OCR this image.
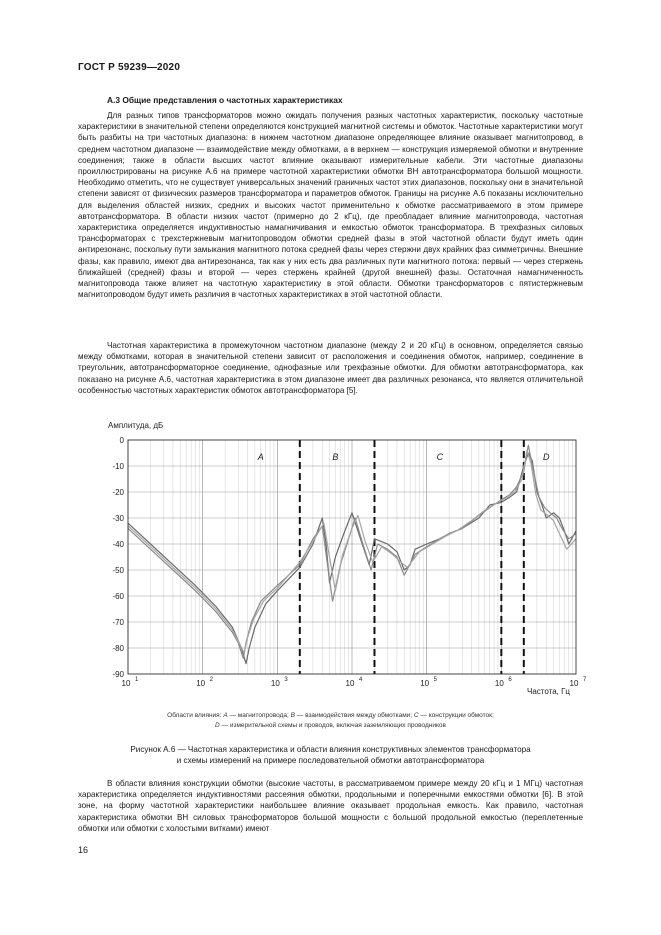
ГОСТ Р 59239—2020
А.3 Общие представления о частотных характеристиках

Для разных типов трансформаторов можно ожидать получения разных частотных характеристик, поскольку частотные характеристики в значительной степени определяются конструкцией магнитной системы и обмоток. Частотные характеристики могут быть разбиты на три частотных диапазона: в нижнем частотном диапазоне определяющее влияние оказывает магнитопровод, в среднем частотном диапазоне — взаимодействие между обмотками, а в верхнем — конструкция измеряемой обмотки и внутренние соединения; также в области высших частот влияние оказывают измерительные кабели. Эти частотные диапазоны проиллюстрированы на рисунке А.6 на примере частотной характеристики обмотки ВН автотрансформатора большой мощности. Необходимо отметить, что не существует универсальных значений граничных частот этих диапазонов, поскольку они в значительной степени зависят от физических размеров трансформатора и параметров обмоток. Границы на рисунке А.6 показаны исключительно для выделения областей низких, средних и высоких частот применительно к обмотке рассматриваемого в этом примере автотрансформатора. В области низких частот (примерно до 2 кГц), где преобладает влияние магнитопровода, частотная характеристика определяется индуктивностью намагничивания и емкостью обмоток трансформатора. В трехфазных силовых трансформаторах с трехстержневым магнитопроводом обмотки средней фазы в этой частотной области будут иметь один антирезонанс, поскольку пути замыкания магнитного потока средней фазы через стержни двух крайних фаз симметричны. Внешние фазы, как правило, имеют два антирезонанса, так как у них есть два различных пути магнитного потока: первый — через стержень ближайшей (средней) фазы и второй — через стержень крайней (другой внешней) фазы. Остаточная намагниченность магнитопровода также влияет на частотную характеристику в этой области. Обмотки трансформаторов с пятистержневым магнитопроводом будут иметь различия в частотных характеристиках в этой частотной области.

Частотная характеристика в промежуточном частотном диапазоне (между 2 и 20 кГц) в основном, определяется связью между обмотками, которая в значительной степени зависит от расположения и соединения обмоток, например, соединение в треугольник, автотрансформаторное соединение, однофазные или трехфазные обмотки. Для обмотки автотрансформатора, как показано на рисунке А.6, частотная характеристика в этом диапазоне имеет два различных резонанса, что является отличительной особенностью частотных характеристик обмоток автотрансформатора [5].

Амплитуда, дБ
Частота, Гц
A	B	C	D
0
-10
-20
-30
-40
-50
-60
-70
-80
-90
10 1	10 2	10 3	10 4	10 5	10 6	10 7
Области влияния: A — магнитопровода; B — взаимодействия между обмотками; C — конструкции обмоток;
D — измерительной схемы и проводов, включая заземляющих проводников
Рисунок А.6 — Частотная характеристика и области влияния конструктивных элементов трансформатора
и схемы измерений на примере последовательной обмотки автотрансформатора

В области влияния конструкции обмотки (высокие частоты, в рассматриваемом примере между 20 кГц и 1 МГц) частотная характеристика определяется индуктивностями рассеяния обмотки, продольными и поперечными емкостями обмотки [6]. В этой зоне, на форму частотной характеристики наибольшее влияние оказывает продольная емкость. Как правило, частотная характеристика обмотки ВН силовых трансформаторов большой мощности с большой продольной емкостью (переплетенные обмотки или обмотки с холостыми витками) имеют

16
